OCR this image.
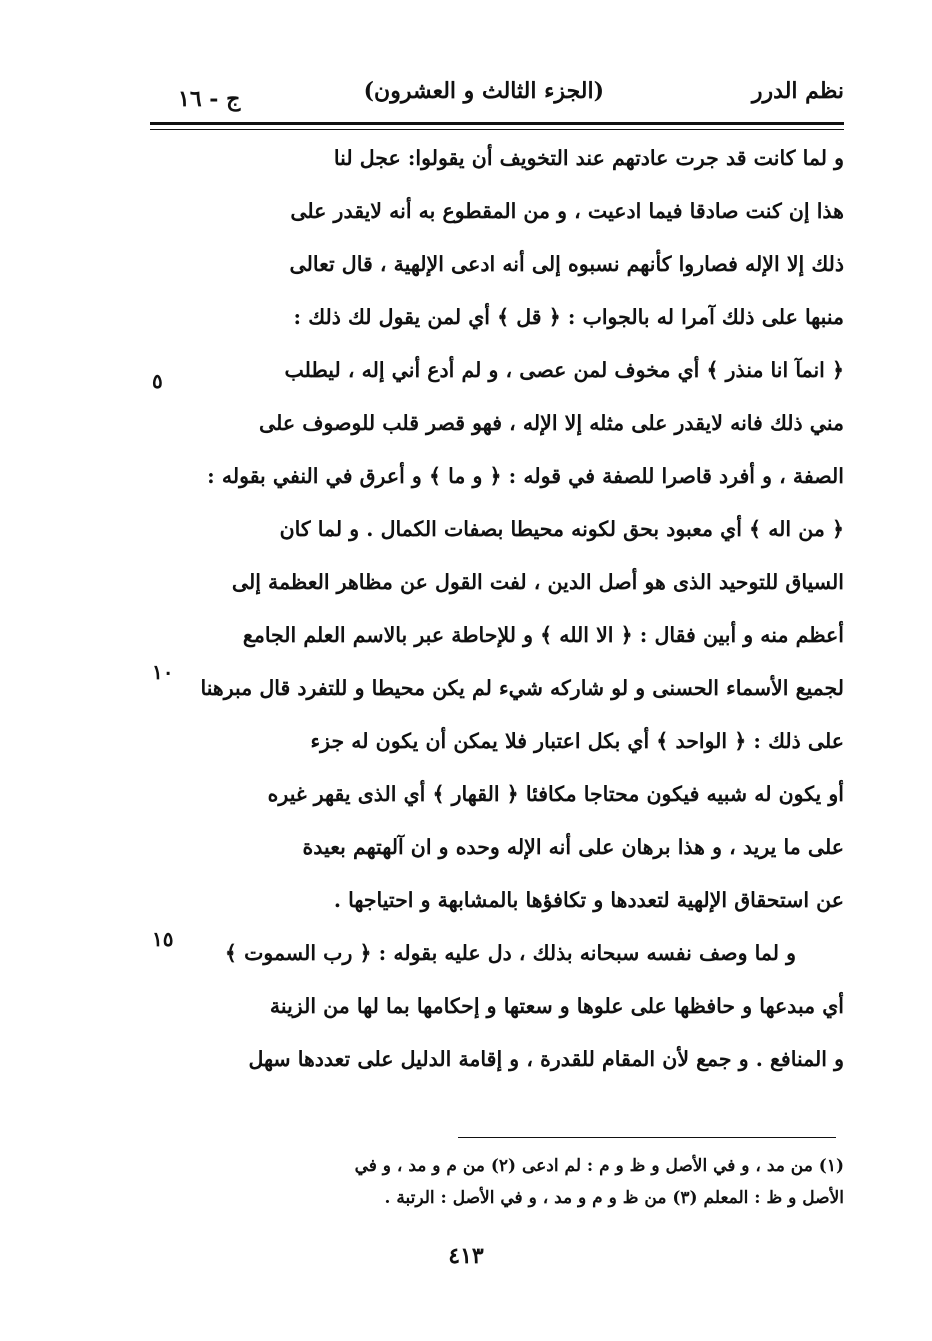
نظم الدرر
(الجزء الثالث و العشرون)
ج - ١٦
و لما كانت قد جرت عادتهم عند التخويف أن يقولوا: عجل لنا
هذا إن كنت صادقا فيما ادعيت ، و من المقطوع به أنه لايقدر على
ذلك إلا الإله فصاروا كأنهم نسبوه إلى أنه ادعى الإلهية ، قال تعالى
منبها على ذلك آمرا له بالجواب : ﴿ قل ﴾ أي لمن يقول لك ذلك :
﴿ انمآ انا منذر ﴾ أي مخوف لمن عصى ، و لم أدع أني إله ، ليطلب
مني ذلك فانه لايقدر على مثله إلا الإله ، فهو قصر قلب للوصوف على
الصفة ، و أفرد قاصرا للصفة في قوله : ﴿ و ما ﴾ و أعرق في النفي بقوله :
﴿ من اله ﴾ أي معبود بحق لكونه محيطا بصفات الكمال . و لما كان
السياق للتوحيد الذى هو أصل الدين ، لفت القول عن مظاهر العظمة إلى
أعظم منه و أبين فقال : ﴿ الا الله ﴾ و للإحاطة عبر بالاسم العلم الجامع
لجميع الأسماء الحسنى و لو شاركه شيء لم يكن محيطا و للتفرد قال مبرهنا
على ذلك : ﴿ الواحد ﴾ أي بكل اعتبار فلا يمكن أن يكون له جزء
أو يكون له شبيه فيكون محتاجا مكافئا ﴿ القهار ﴾ أي الذى يقهر غيره
على ما يريد ، و هذا برهان على أنه الإله وحده و ان آلهتهم بعيدة
عن استحقاق الإلهية لتعددها و تكافؤها بالمشابهة و احتياجها .
و لما وصف نفسه سبحانه بذلك ، دل عليه بقوله : ﴿ رب السموت ﴾
أي مبدعها و حافظها على علوها و سعتها و إحكامها بما لها من الزينة
و المنافع . و جمع لأن المقام للقدرة ، و إقامة الدليل على تعددها سهل
٥
١٠
١٥
(١) من مد ، و في الأصل و ظ و م : لم ادعى (٢) من م و مد ، و في
الأصل و ظ : المعلم (٣) من ظ و م و مد ، و في الأصل : الرتبة .
٤١٣
